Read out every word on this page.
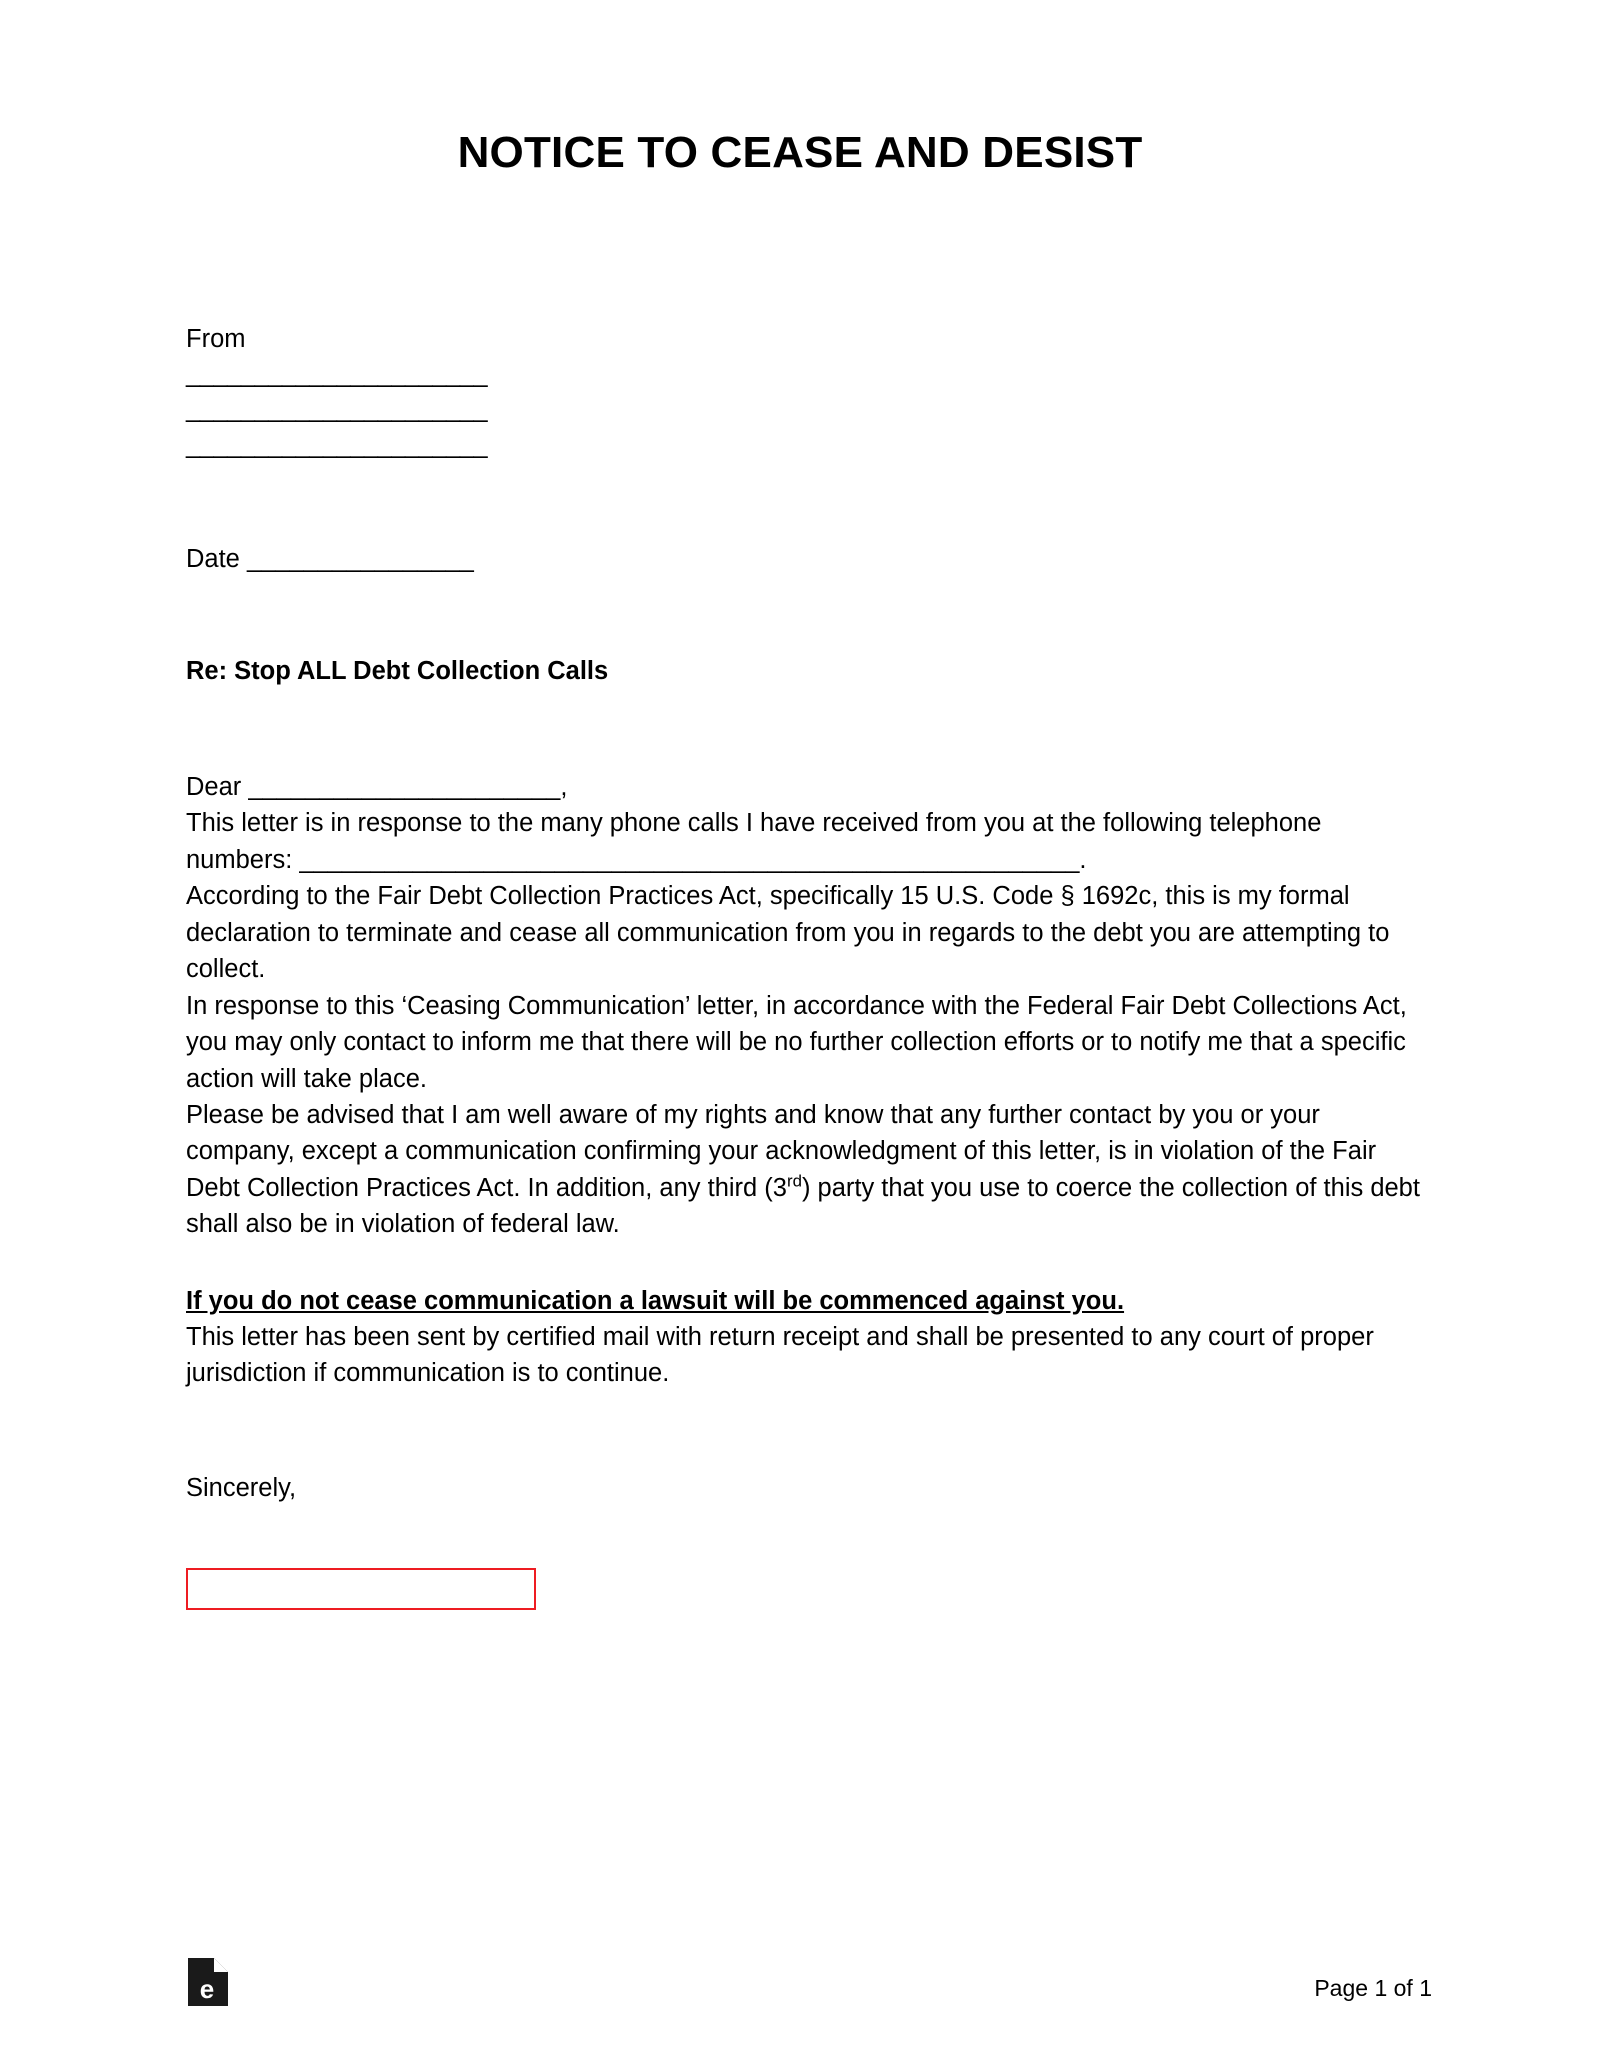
NOTICE TO CEASE AND DESIST
From
______________________
______________________
______________________
Date ________________
Re: Stop ALL Debt Collection Calls
Dear ______________________,

This letter is in response to the many phone calls I have received from you at the following telephone numbers: _______________________________________________________.

According to the Fair Debt Collection Practices Act, specifically 15 U.S. Code § 1692c, this is my formal declaration to terminate and cease all communication from you in regards to the debt you are attempting to collect.

In response to this ‘Ceasing Communication’ letter, in accordance with the Federal Fair Debt Collections Act, you may only contact to inform me that there will be no further collection efforts or to notify me that a specific action will take place.

Please be advised that I am well aware of my rights and know that any further contact by you or your company, except a communication confirming your acknowledgment of this letter, is in violation of the Fair Debt Collection Practices Act. In addition, any third (3rd) party that you use to coerce the collection of this debt shall also be in violation of federal law.

If you do not cease communication a lawsuit will be commenced against you.

This letter has been sent by certified mail with return receipt and shall be presented to any court of proper jurisdiction if communication is to continue.

Sincerely,
e	Page 1 of 1
